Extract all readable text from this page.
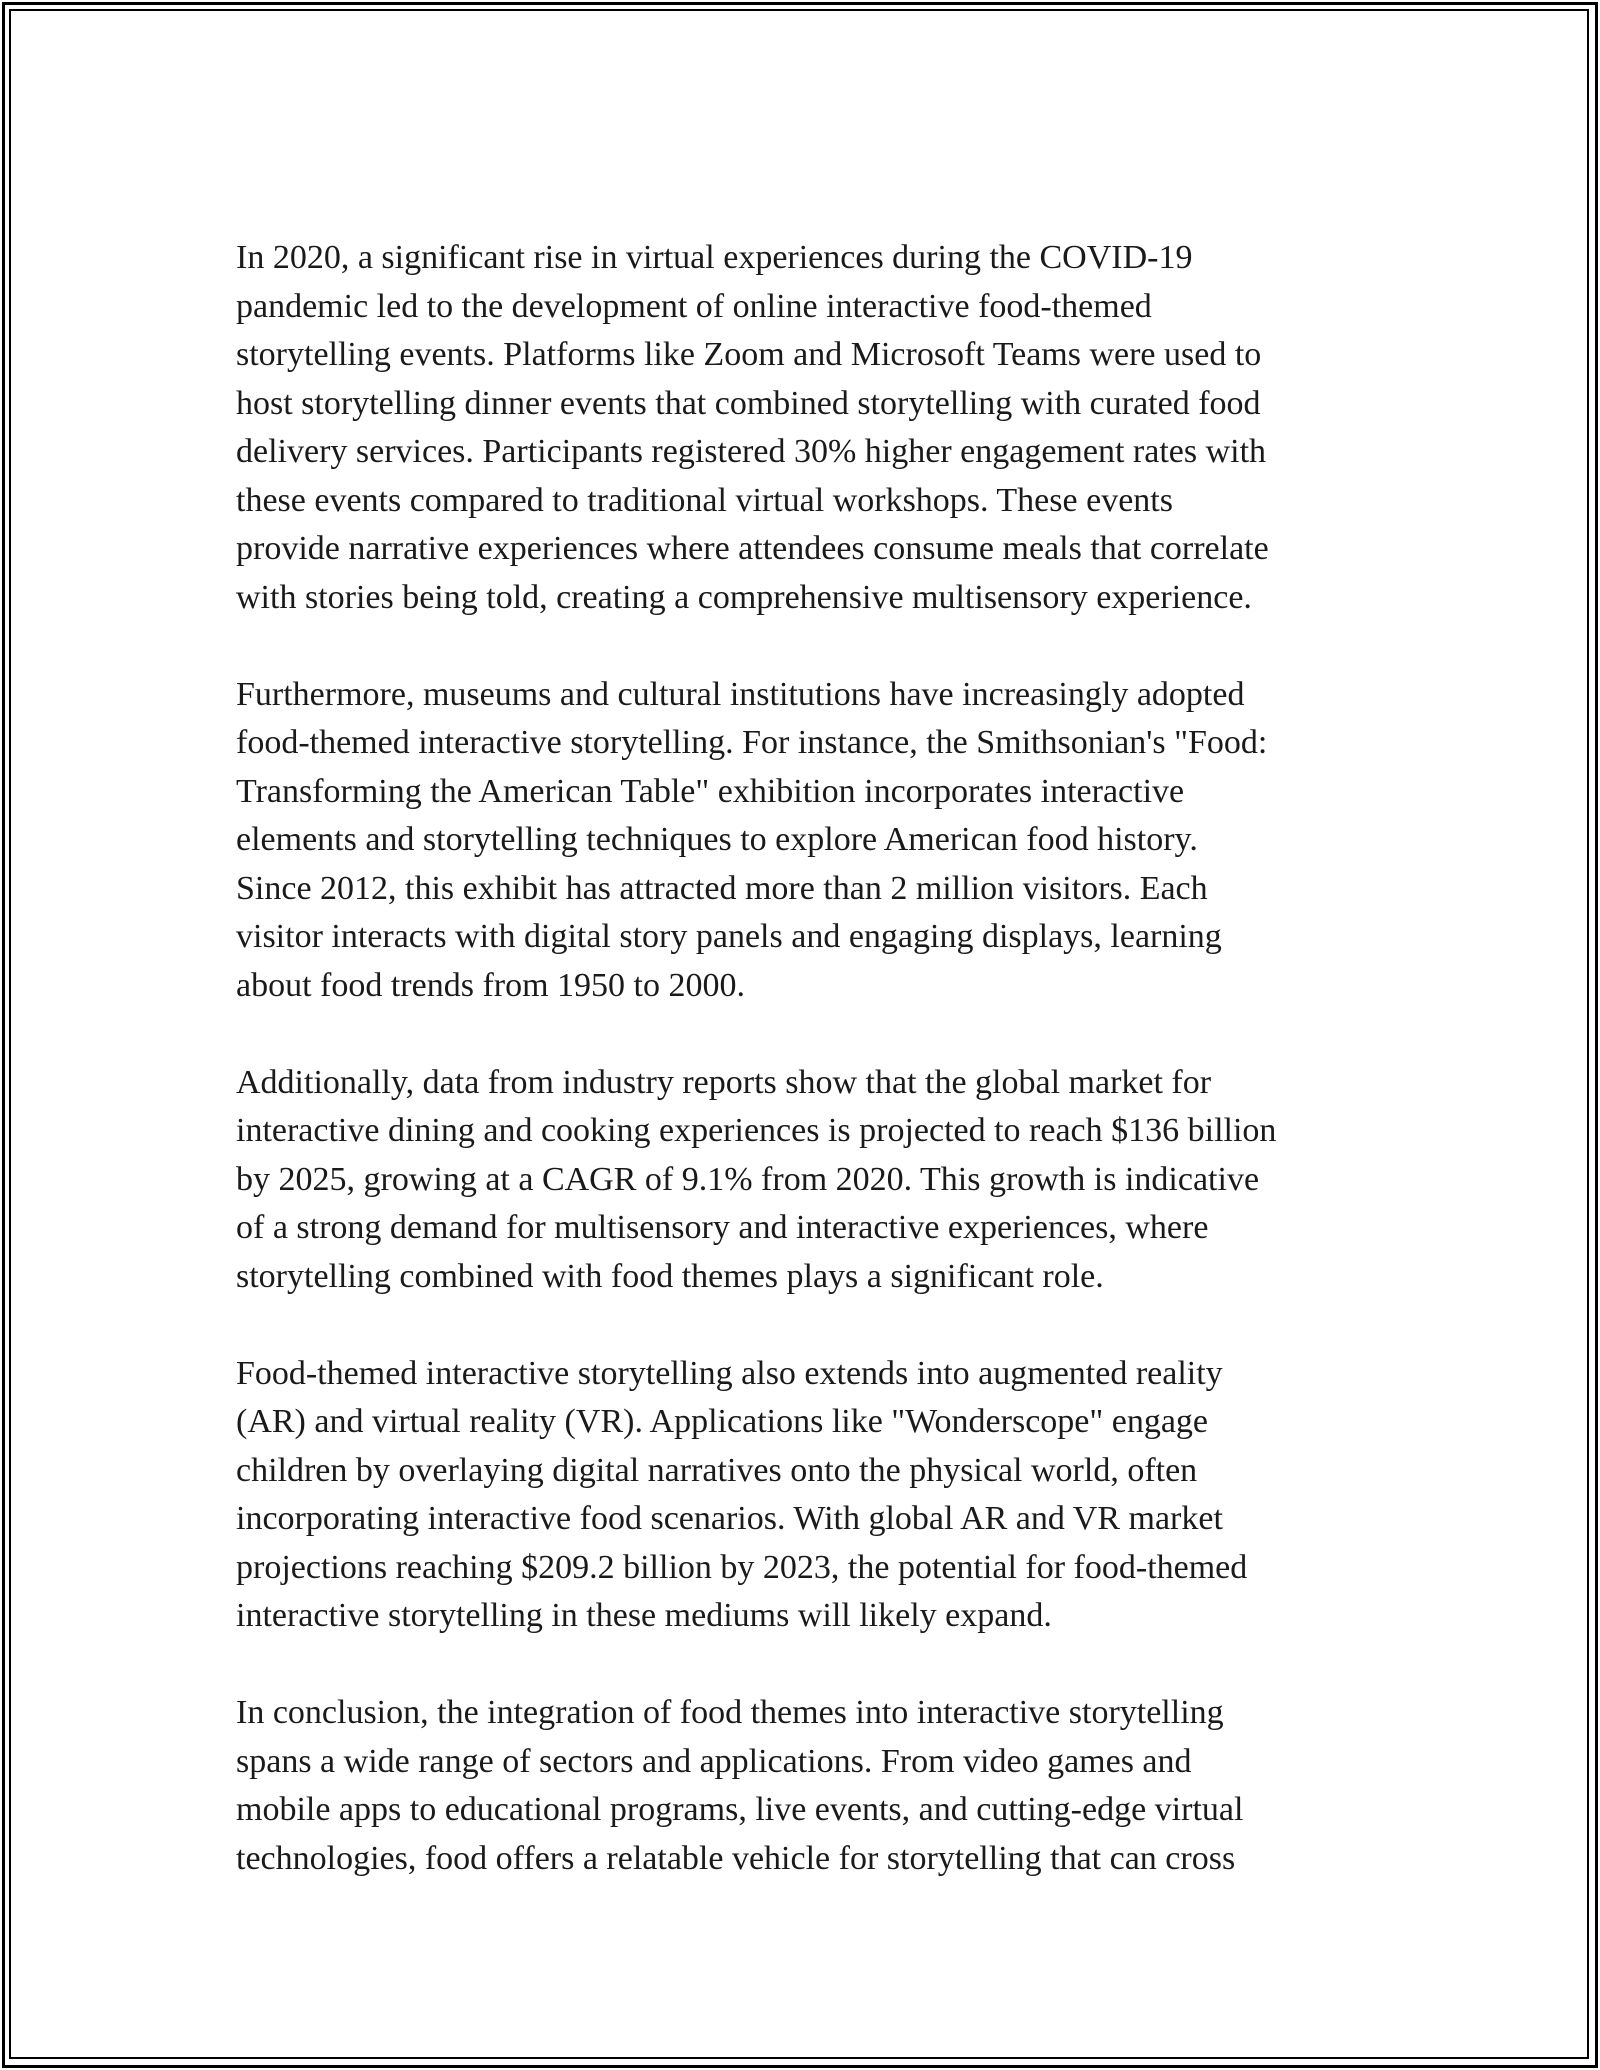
In 2020, a significant rise in virtual experiences during the COVID-19
pandemic led to the development of online interactive food-themed
storytelling events. Platforms like Zoom and Microsoft Teams were used to
host storytelling dinner events that combined storytelling with curated food
delivery services. Participants registered 30% higher engagement rates with
these events compared to traditional virtual workshops. These events
provide narrative experiences where attendees consume meals that correlate
with stories being told, creating a comprehensive multisensory experience.

Furthermore, museums and cultural institutions have increasingly adopted
food-themed interactive storytelling. For instance, the Smithsonian's "Food:
Transforming the American Table" exhibition incorporates interactive
elements and storytelling techniques to explore American food history.
Since 2012, this exhibit has attracted more than 2 million visitors. Each
visitor interacts with digital story panels and engaging displays, learning
about food trends from 1950 to 2000.

Additionally, data from industry reports show that the global market for
interactive dining and cooking experiences is projected to reach $136 billion
by 2025, growing at a CAGR of 9.1% from 2020. This growth is indicative
of a strong demand for multisensory and interactive experiences, where
storytelling combined with food themes plays a significant role.

Food-themed interactive storytelling also extends into augmented reality
(AR) and virtual reality (VR). Applications like "Wonderscope" engage
children by overlaying digital narratives onto the physical world, often
incorporating interactive food scenarios. With global AR and VR market
projections reaching $209.2 billion by 2023, the potential for food-themed
interactive storytelling in these mediums will likely expand.

In conclusion, the integration of food themes into interactive storytelling
spans a wide range of sectors and applications. From video games and
mobile apps to educational programs, live events, and cutting-edge virtual
technologies, food offers a relatable vehicle for storytelling that can cross
